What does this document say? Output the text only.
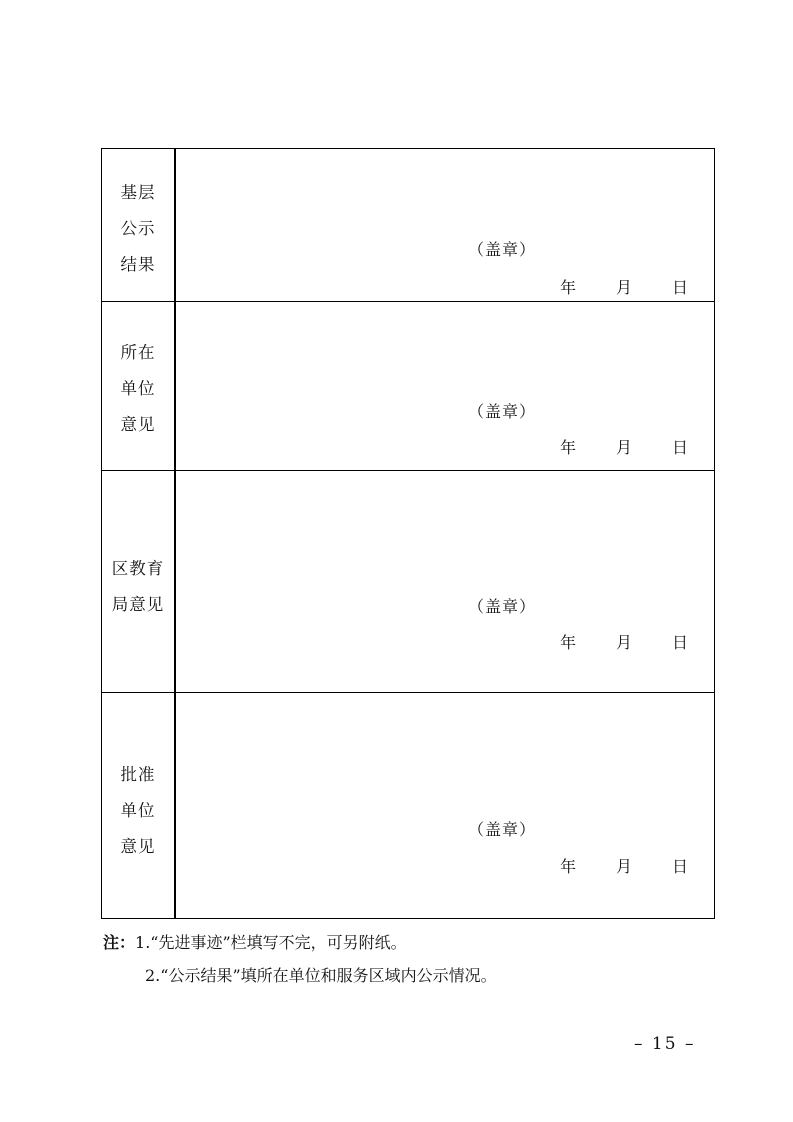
基层
公示
结果
（盖章）
年 月 日
所在
单位
意见
（盖章）
年 月 日
区教育
局意见	（盖章）
年 月 日
批准
单位
意见
（盖章）
年 月 日
注：1.“先进事迹”栏填写不完，可另附纸。
2.“公示结果”填所在单位和服务区域内公示情况。
– 15 –
